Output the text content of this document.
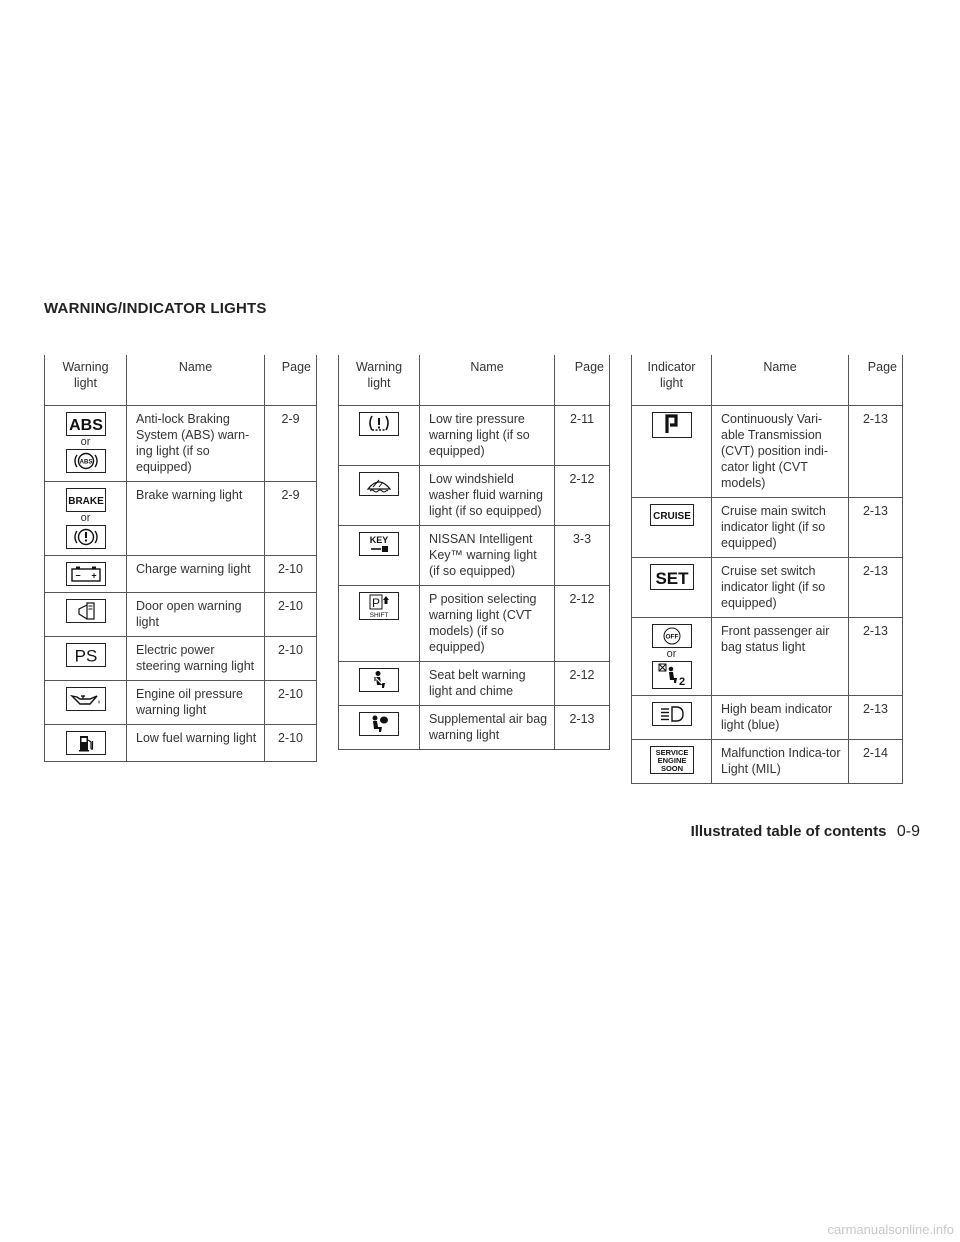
WARNING/INDICATOR LIGHTS
Warning light	Name	Page

ABS
or
ABS	Anti-lock Braking System (ABS) warn-ing light (if so equipped)	2-9

BRAKE
or	Brake warning light	2-9

− +	Charge warning light	2-10

	Door open warning light	2-10

PS	Electric power steering warning light	2-10

	Engine oil pressure warning light	2-10

	Low fuel warning light	2-10
Warning light	Name	Page

	Low tire pressure warning light (if so equipped)	2-11

	Low windshield washer fluid warning light (if so equipped)	2-12

KEY	NISSAN Intelligent Key™ warning light (if so equipped)	3-3

P
SHIFT	P position selecting warning light (CVT models) (if so equipped)	2-12

	Seat belt warning light and chime	2-12

	Supplemental air bag warning light	2-13
Indicator light	Name	Page

	Continuously Vari-able Transmission (CVT) position indi-cator light (CVT models)	2-13

CRUISE	Cruise main switch indicator light (if so equipped)	2-13

SET	Cruise set switch indicator light (if so equipped)	2-13

OFF
or
2	Front passenger air bag status light	2-13

	High beam indicator light (blue)	2-13

SERVICE
ENGINE
SOON	Malfunction Indica-tor Light (MIL)	2-14
Illustrated table of contents 0-9
carmanualsonline.info
